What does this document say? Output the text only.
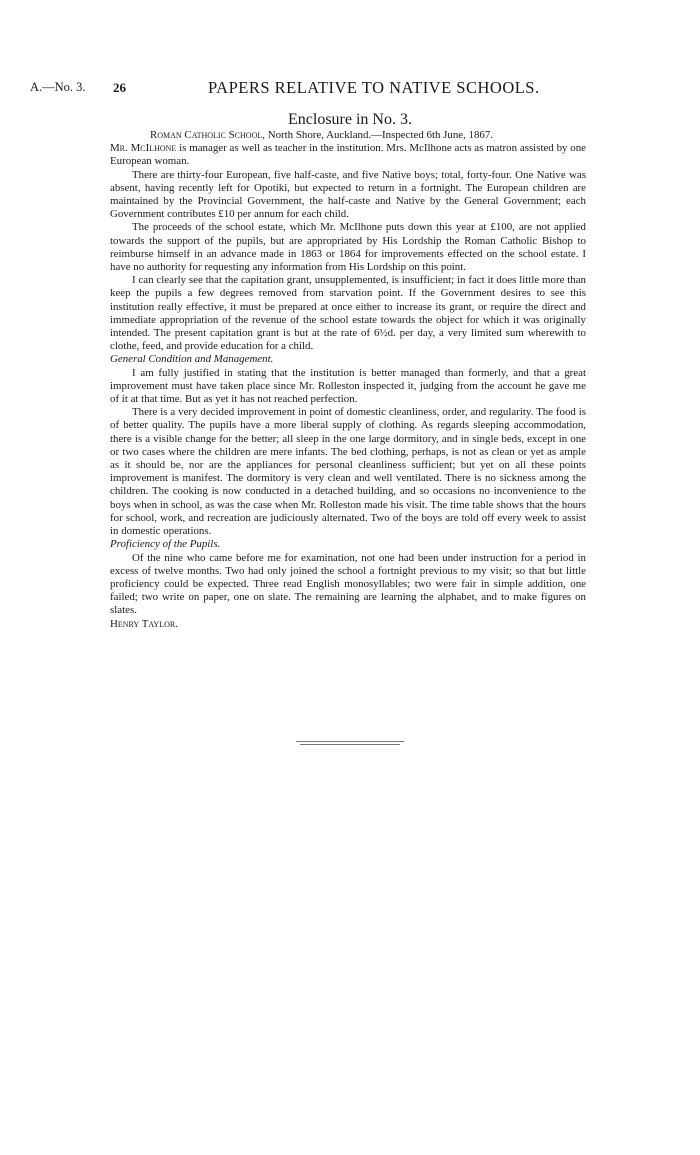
A.—No. 3. 26	PAPERS RELATIVE TO NATIVE SCHOOLS.
Enclosure in No. 3.

Roman Catholic School, North Shore, Auckland.—Inspected 6th June, 1867.

Mr. McIlhone is manager as well as teacher in the institution. Mrs. McIlhone acts as matron assisted by one European woman.

There are thirty-four European, five half-caste, and five Native boys; total, forty-four. One Native was absent, having recently left for Opotiki, but expected to return in a fortnight. The European children are maintained by the Provincial Government, the half-caste and Native by the General Government; each Government contributes £10 per annum for each child.

The proceeds of the school estate, which Mr. McIlhone puts down this year at £100, are not applied towards the support of the pupils, but are appropriated by His Lordship the Roman Catholic Bishop to reimburse himself in an advance made in 1863 or 1864 for improvements effected on the school estate. I have no authority for requesting any information from His Lordship on this point.

I can clearly see that the capitation grant, unsupplemented, is insufficient; in fact it does little more than keep the pupils a few degrees removed from starvation point. If the Government desires to see this institution really effective, it must be prepared at once either to increase its grant, or require the direct and immediate appropriation of the revenue of the school estate towards the object for which it was originally intended. The present capitation grant is but at the rate of 6½d. per day, a very limited sum wherewith to clothe, feed, and provide education for a child.

General Condition and Management.

I am fully justified in stating that the institution is better managed than formerly, and that a great improvement must have taken place since Mr. Rolleston inspected it, judging from the account he gave me of it at that time. But as yet it has not reached perfection.

There is a very decided improvement in point of domestic cleanliness, order, and regularity. The food is of better quality. The pupils have a more liberal supply of clothing. As regards sleeping accommodation, there is a visible change for the better; all sleep in the one large dormitory, and in single beds, except in one or two cases where the children are mere infants. The bed clothing, perhaps, is not as clean or yet as ample as it should be, nor are the appliances for personal cleanliness sufficient; but yet on all these points improvement is manifest. The dormitory is very clean and well ventilated. There is no sickness among the children. The cooking is now conducted in a detached building, and so occasions no inconvenience to the boys when in school, as was the case when Mr. Rolleston made his visit. The time table shows that the hours for school, work, and recreation are judiciously alternated. Two of the boys are told off every week to assist in domestic operations.

Proficiency of the Pupils.

Of the nine who came before me for examination, not one had been under instruction for a period in excess of twelve months. Two had only joined the school a fortnight previous to my visit; so that but little proficiency could be expected. Three read English monosyllables; two were fair in simple addition, one failed; two write on paper, one on slate. The remaining are learning the alphabet, and to make figures on slates.

Henry Taylor.
